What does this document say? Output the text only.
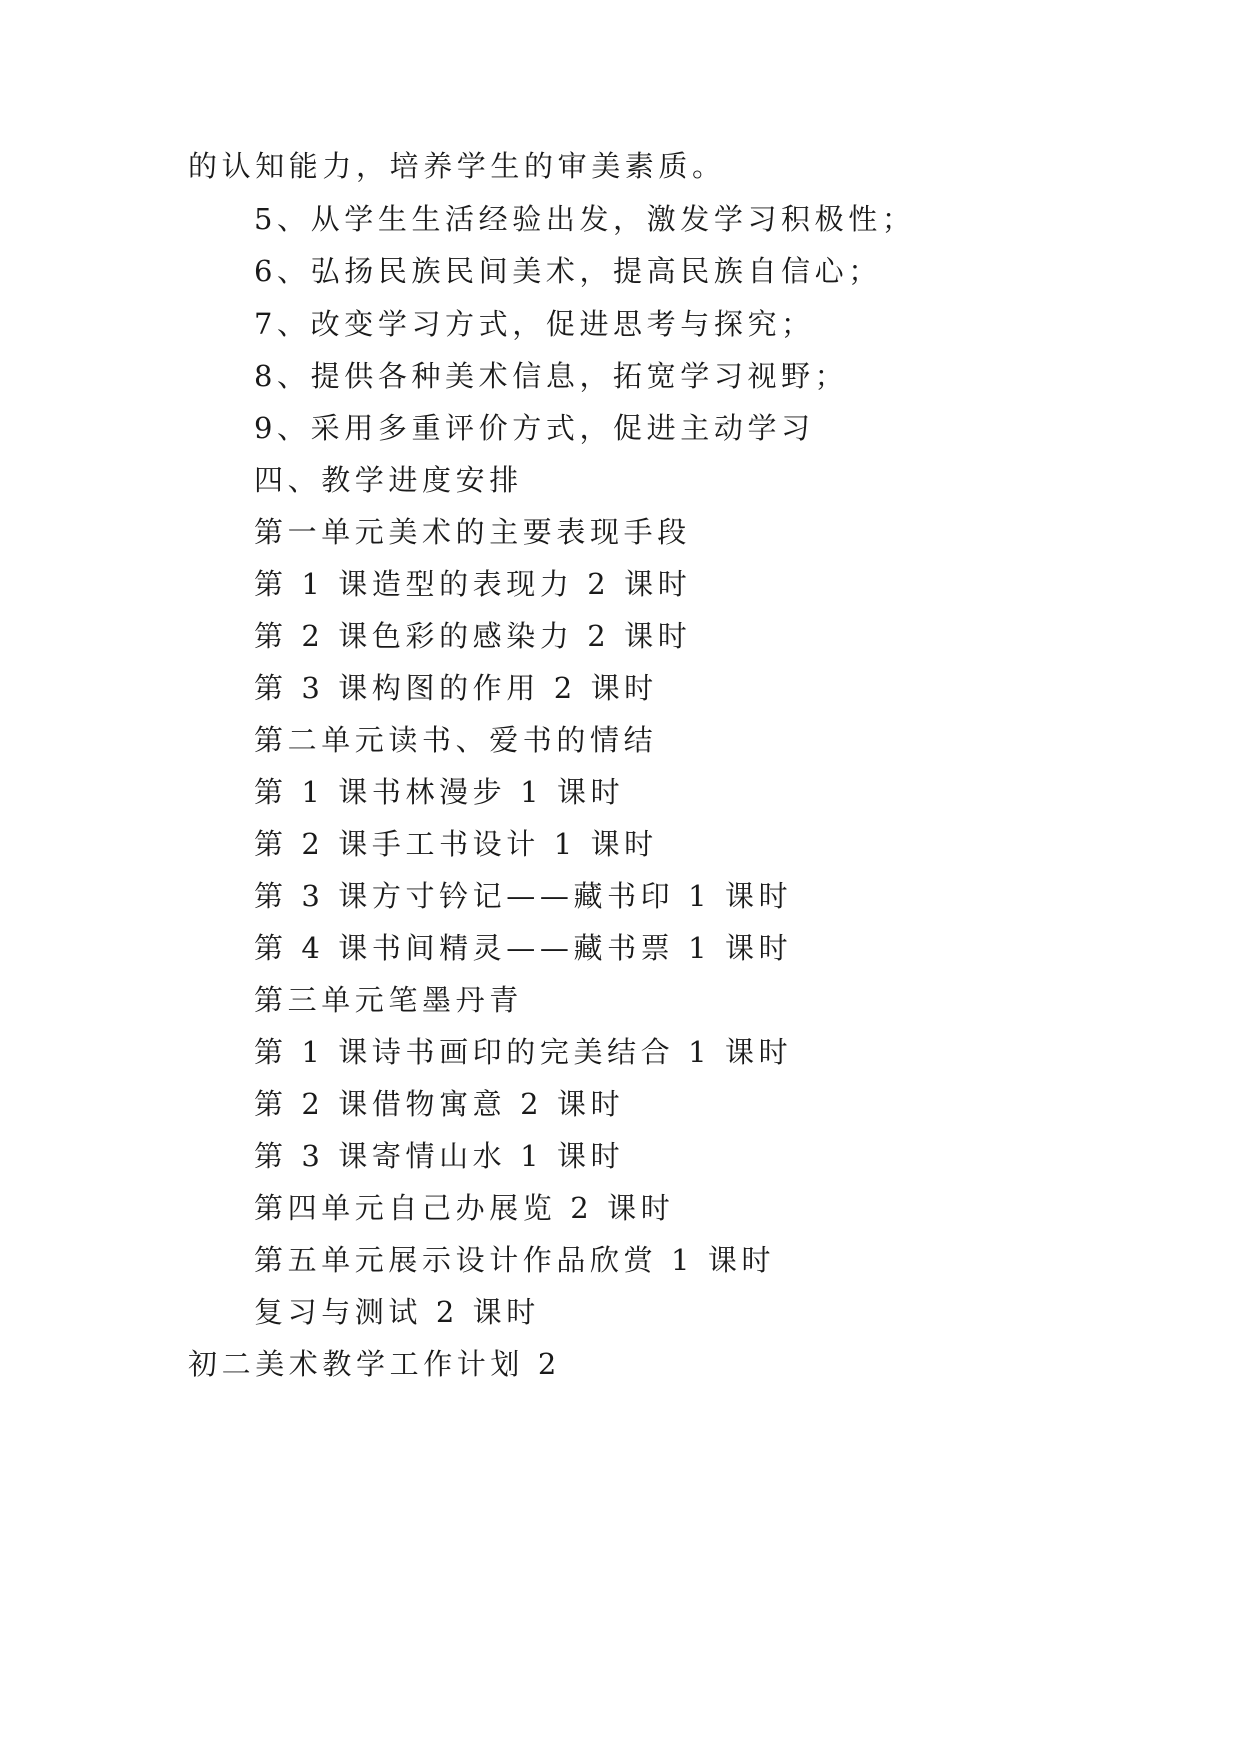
的认知能力，培养学生的审美素质。
5、从学生生活经验出发，激发学习积极性；
6、弘扬民族民间美术，提高民族自信心；
7、改变学习方式，促进思考与探究；
8、提供各种美术信息，拓宽学习视野；
9、采用多重评价方式，促进主动学习
四、教学进度安排
第一单元美术的主要表现手段
第 1 课造型的表现力 2 课时
第 2 课色彩的感染力 2 课时
第 3 课构图的作用 2 课时
第二单元读书、爱书的情结
第 1 课书林漫步 1 课时
第 2 课手工书设计 1 课时
第 3 课方寸钤记——藏书印 1 课时
第 4 课书间精灵——藏书票 1 课时
第三单元笔墨丹青
第 1 课诗书画印的完美结合 1 课时
第 2 课借物寓意 2 课时
第 3 课寄情山水 1 课时
第四单元自己办展览 2 课时
第五单元展示设计作品欣赏 1 课时
复习与测试 2 课时
初二美术教学工作计划 2
